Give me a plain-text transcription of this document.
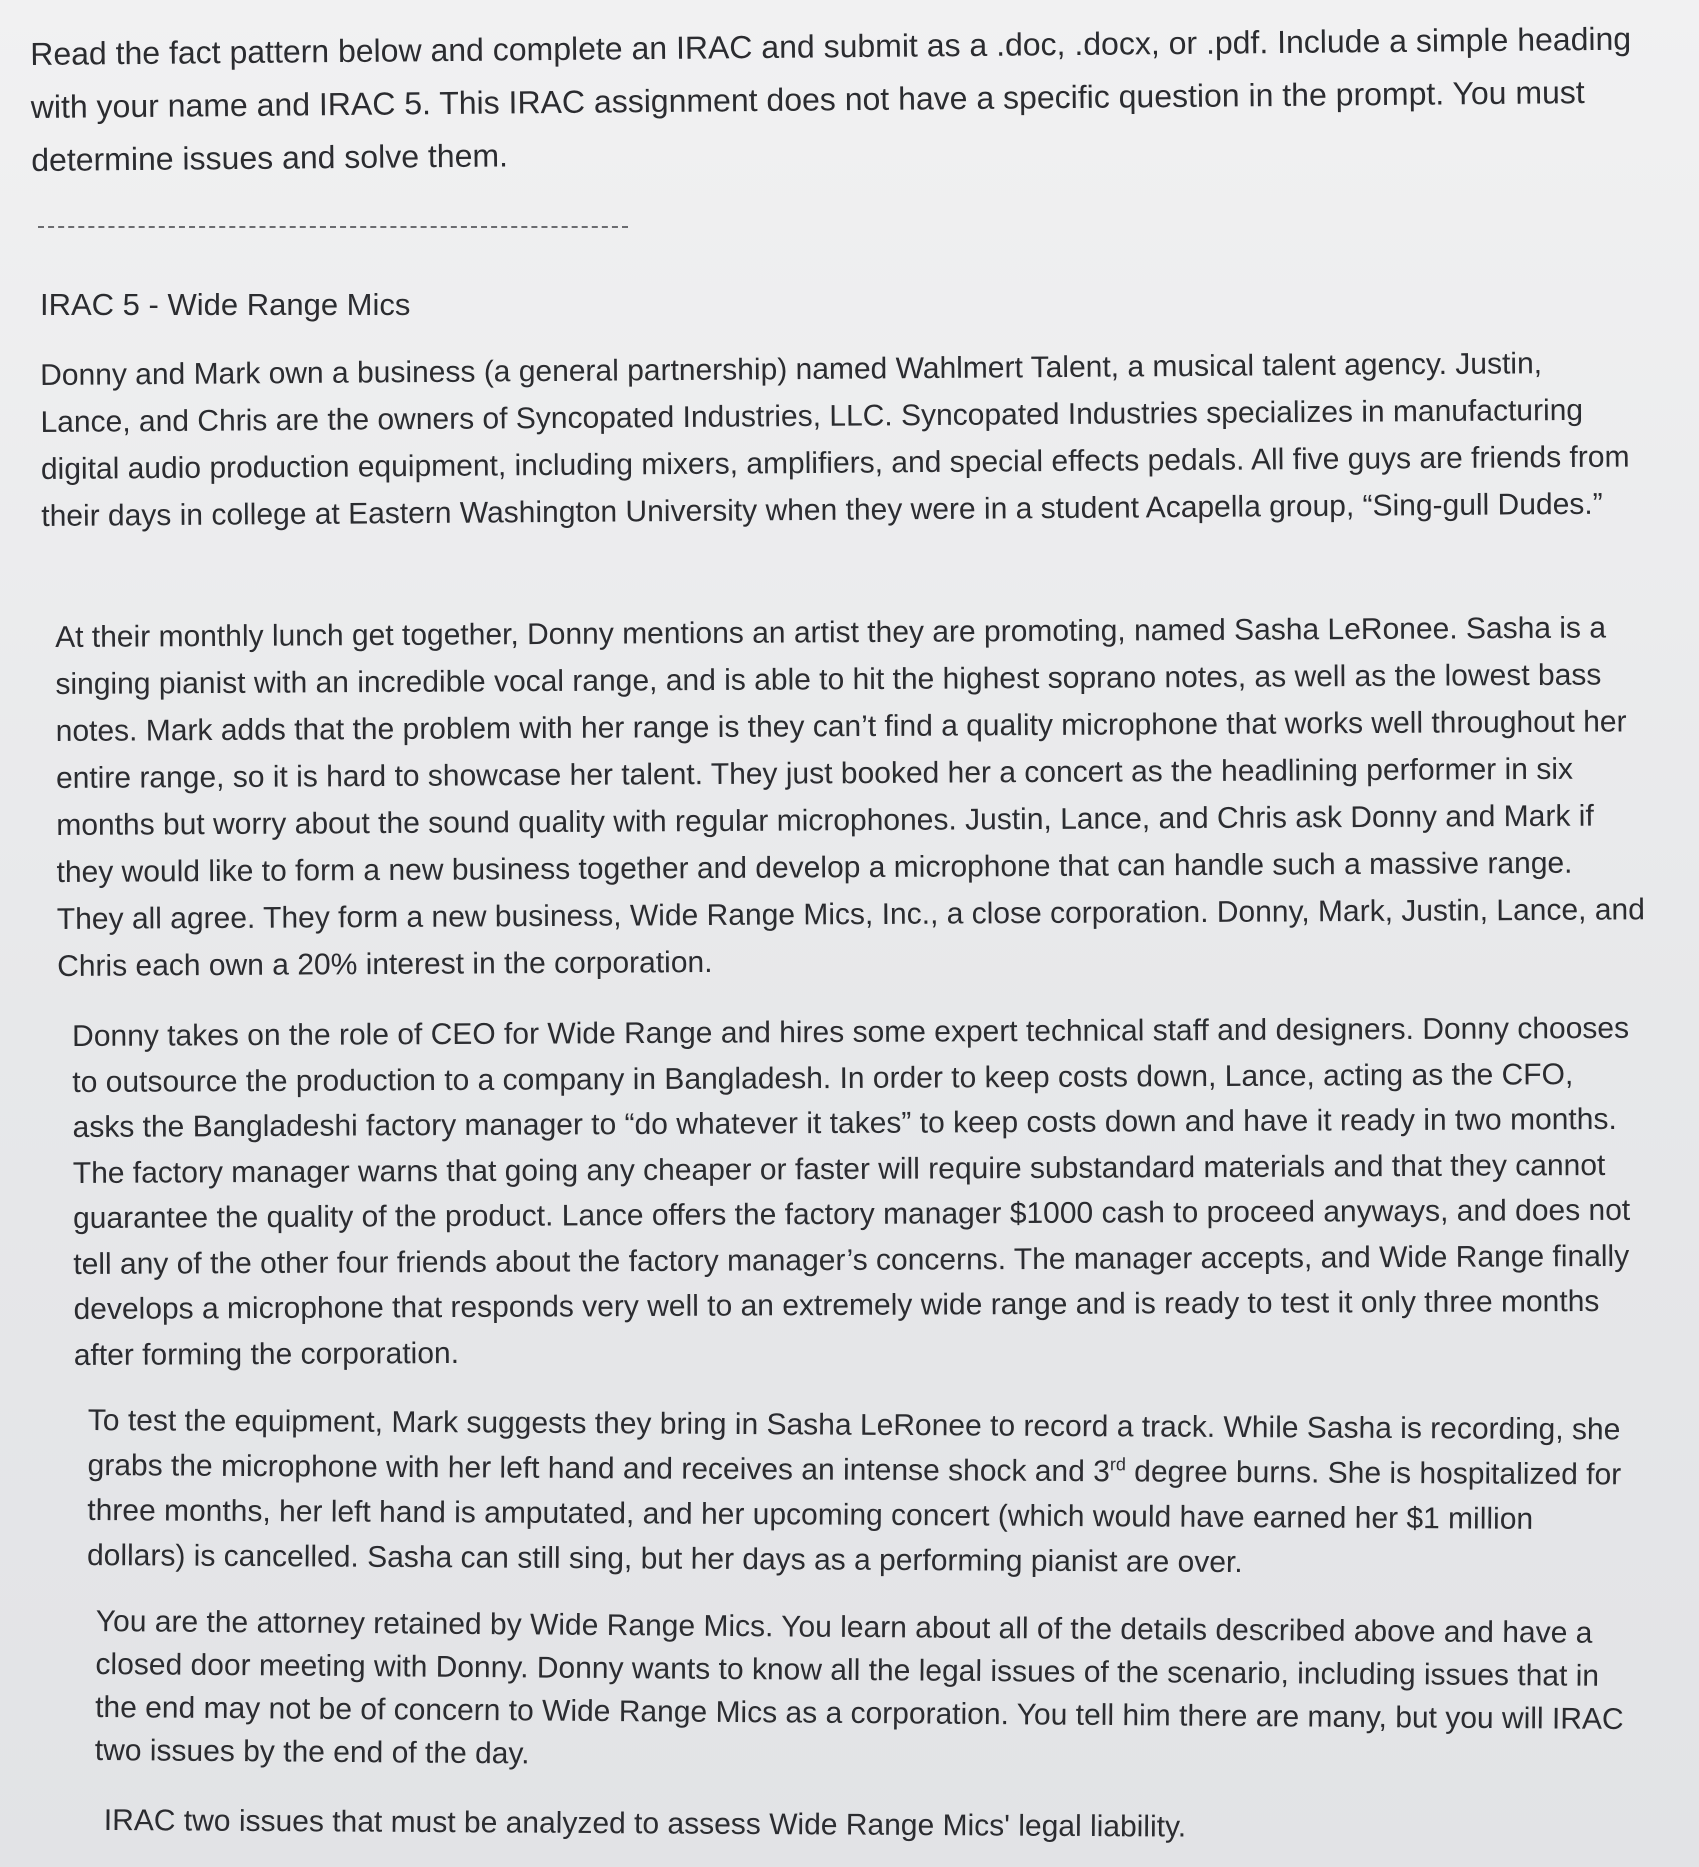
Read the fact pattern below and complete an IRAC and submit as a .doc, .docx, or .pdf. Include a simple heading with your name and IRAC 5. This IRAC assignment does not have a specific question in the prompt. You must determine issues and solve them.

IRAC 5 - Wide Range Mics

Donny and Mark own a business (a general partnership) named Wahlmert Talent, a musical talent agency. Justin, Lance, and Chris are the owners of Syncopated Industries, LLC. Syncopated Industries specializes in manufacturing digital audio production equipment, including mixers, amplifiers, and special effects pedals. All five guys are friends from their days in college at Eastern Washington University when they were in a student Acapella group, “Sing-gull Dudes.”

At their monthly lunch get together, Donny mentions an artist they are promoting, named Sasha LeRonee. Sasha is a singing pianist with an incredible vocal range, and is able to hit the highest soprano notes, as well as the lowest bass notes. Mark adds that the problem with her range is they can’t find a quality microphone that works well throughout her entire range, so it is hard to showcase her talent. They just booked her a concert as the headlining performer in six months but worry about the sound quality with regular microphones. Justin, Lance, and Chris ask Donny and Mark if they would like to form a new business together and develop a microphone that can handle such a massive range. They all agree. They form a new business, Wide Range Mics, Inc., a close corporation. Donny, Mark, Justin, Lance, and Chris each own a 20% interest in the corporation.

Donny takes on the role of CEO for Wide Range and hires some expert technical staff and designers. Donny chooses to outsource the production to a company in Bangladesh. In order to keep costs down, Lance, acting as the CFO, asks the Bangladeshi factory manager to “do whatever it takes” to keep costs down and have it ready in two months. The factory manager warns that going any cheaper or faster will require substandard materials and that they cannot guarantee the quality of the product. Lance offers the factory manager $1000 cash to proceed anyways, and does not tell any of the other four friends about the factory manager’s concerns. The manager accepts, and Wide Range finally develops a microphone that responds very well to an extremely wide range and is ready to test it only three months after forming the corporation.

To test the equipment, Mark suggests they bring in Sasha LeRonee to record a track. While Sasha is recording, she grabs the microphone with her left hand and receives an intense shock and 3rd degree burns. She is hospitalized for three months, her left hand is amputated, and her upcoming concert (which would have earned her $1 million dollars) is cancelled. Sasha can still sing, but her days as a performing pianist are over.

You are the attorney retained by Wide Range Mics. You learn about all of the details described above and have a closed door meeting with Donny. Donny wants to know all the legal issues of the scenario, including issues that in the end may not be of concern to Wide Range Mics as a corporation. You tell him there are many, but you will IRAC two issues by the end of the day.

IRAC two issues that must be analyzed to assess Wide Range Mics' legal liability.
